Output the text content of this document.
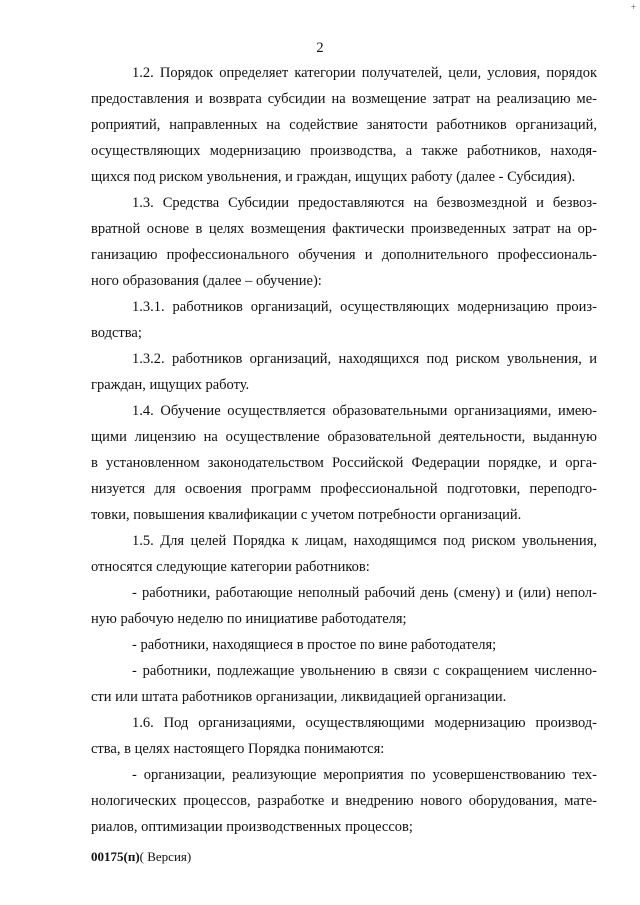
+
2
1.2. Порядок определяет категории получателей, цели, условия, порядок
предоставления и возврата субсидии на возмещение затрат на реализацию ме-
роприятий, направленных на содействие занятости работников организаций,
осуществляющих модернизацию производства, а также работников, находя-
щихся под риском увольнения, и граждан, ищущих работу (далее - Субсидия).
1.3. Средства Субсидии предоставляются на безвозмездной и безвоз-
вратной основе в целях возмещения фактически произведенных затрат на ор-
ганизацию профессионального обучения и дополнительного профессиональ-
ного образования (далее – обучение):
1.3.1. работников организаций, осуществляющих модернизацию произ-
водства;
1.3.2. работников организаций, находящихся под риском увольнения, и
граждан, ищущих работу.
1.4. Обучение осуществляется образовательными организациями, имею-
щими лицензию на осуществление образовательной деятельности, выданную
в установленном законодательством Российской Федерации порядке, и орга-
низуется для освоения программ профессиональной подготовки, переподго-
товки, повышения квалификации с учетом потребности организаций.
1.5. Для целей Порядка к лицам, находящимся под риском увольнения,
относятся следующие категории работников:
- работники, работающие неполный рабочий день (смену) и (или) непол-
ную рабочую неделю по инициативе работодателя;
- работники, находящиеся в простое по вине работодателя;
- работники, подлежащие увольнению в связи с сокращением численно-
сти или штата работников организации, ликвидацией организации.
1.6. Под организациями, осуществляющими модернизацию производ-
ства, в целях настоящего Порядка понимаются:
- организации, реализующие мероприятия по усовершенствованию тех-
нологических процессов, разработке и внедрению нового оборудования, мате-
риалов, оптимизации производственных процессов;
00175(п)( Версия)
